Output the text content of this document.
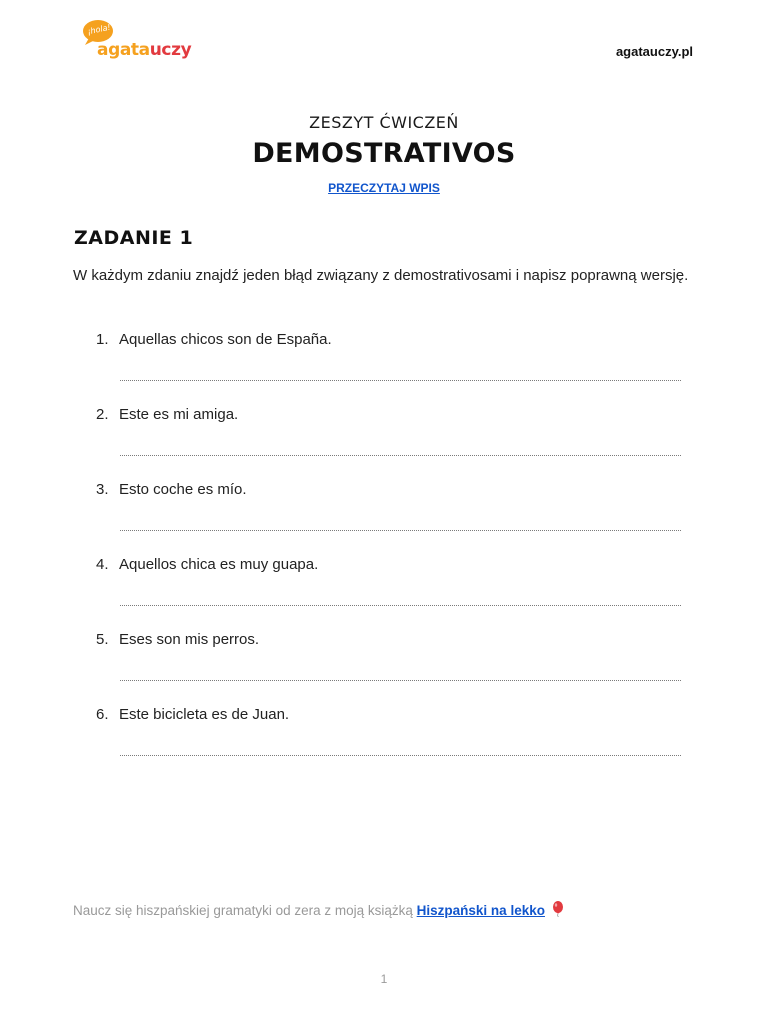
¡hola!
agatauczy	agatauczy.pl
ZESZYT ĆWICZEŃ
DEMOSTRATIVOS
PRZECZYTAJ WPIS
ZADANIE 1

W każdym zdaniu znajdź jeden błąd związany z demostrativosami i napisz poprawną wersję.

1. Aquellas chicos son de España.
2. Este es mi amiga.
3. Esto coche es mío.
4. Aquellos chica es muy guapa.
5. Eses son mis perros.
6. Este bicicleta es de Juan.
Naucz się hiszpańskiej gramatyki od zera z moją książką Hiszpański na lekko
1
